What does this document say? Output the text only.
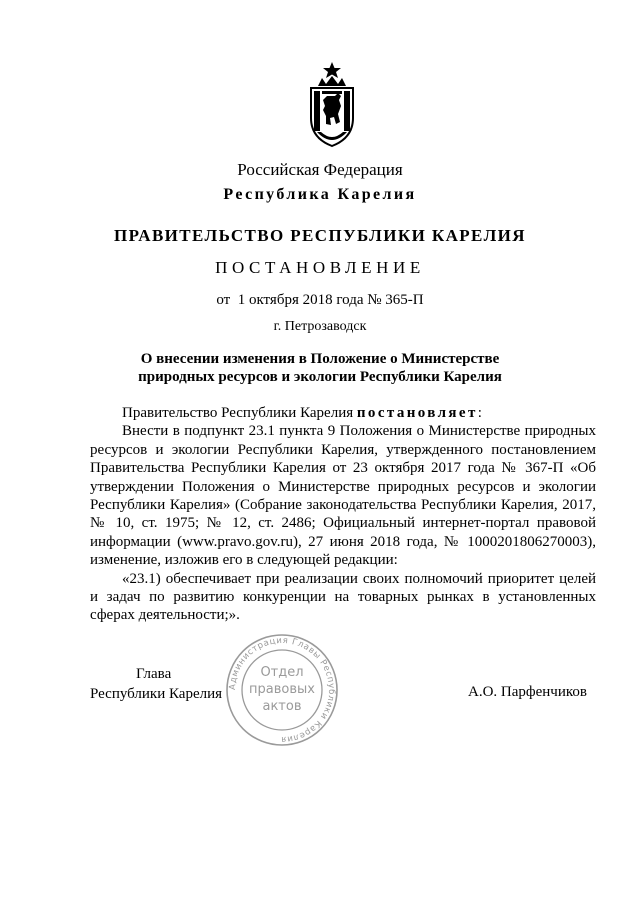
Российская Федерация
Республика Карелия
ПРАВИТЕЛЬСТВО РЕСПУБЛИКИ КАРЕЛИЯ
ПОСТАНОВЛЕНИЕ
от  1 октября 2018 года № 365-П
г. Петрозаводск
О внесении изменения в Положение о Министерстве
природных ресурсов и экологии Республики Карелия

Правительство Республики Карелия постановляет:

Внести в подпункт 23.1 пункта 9 Положения о Министерстве природных ресурсов и экологии Республики Карелия, утвержденного постановлением Правительства Республики Карелия от 23 октября 2017 года № 367-П «Об утверждении Положения о Министерстве природных ресурсов и экологии Республики Карелия» (Собрание законодательства Республики Карелия, 2017, № 10, ст. 1975; № 12, ст. 2486; Официальный интернет-портал правовой информации (www.pravo.gov.ru), 27 июня 2018 года, № 1000201806270003), изменение, изложив его в следующей редакции:

«23.1) обеспечивает при реализации своих полномочий приоритет целей и задач по развитию конкуренции на товарных рынках в установленных сферах деятельности;».

Глава
Республики Карелия Администрация Главы Республики Карелия
Отдел
правовых
актов
А.О. Парфенчиков
